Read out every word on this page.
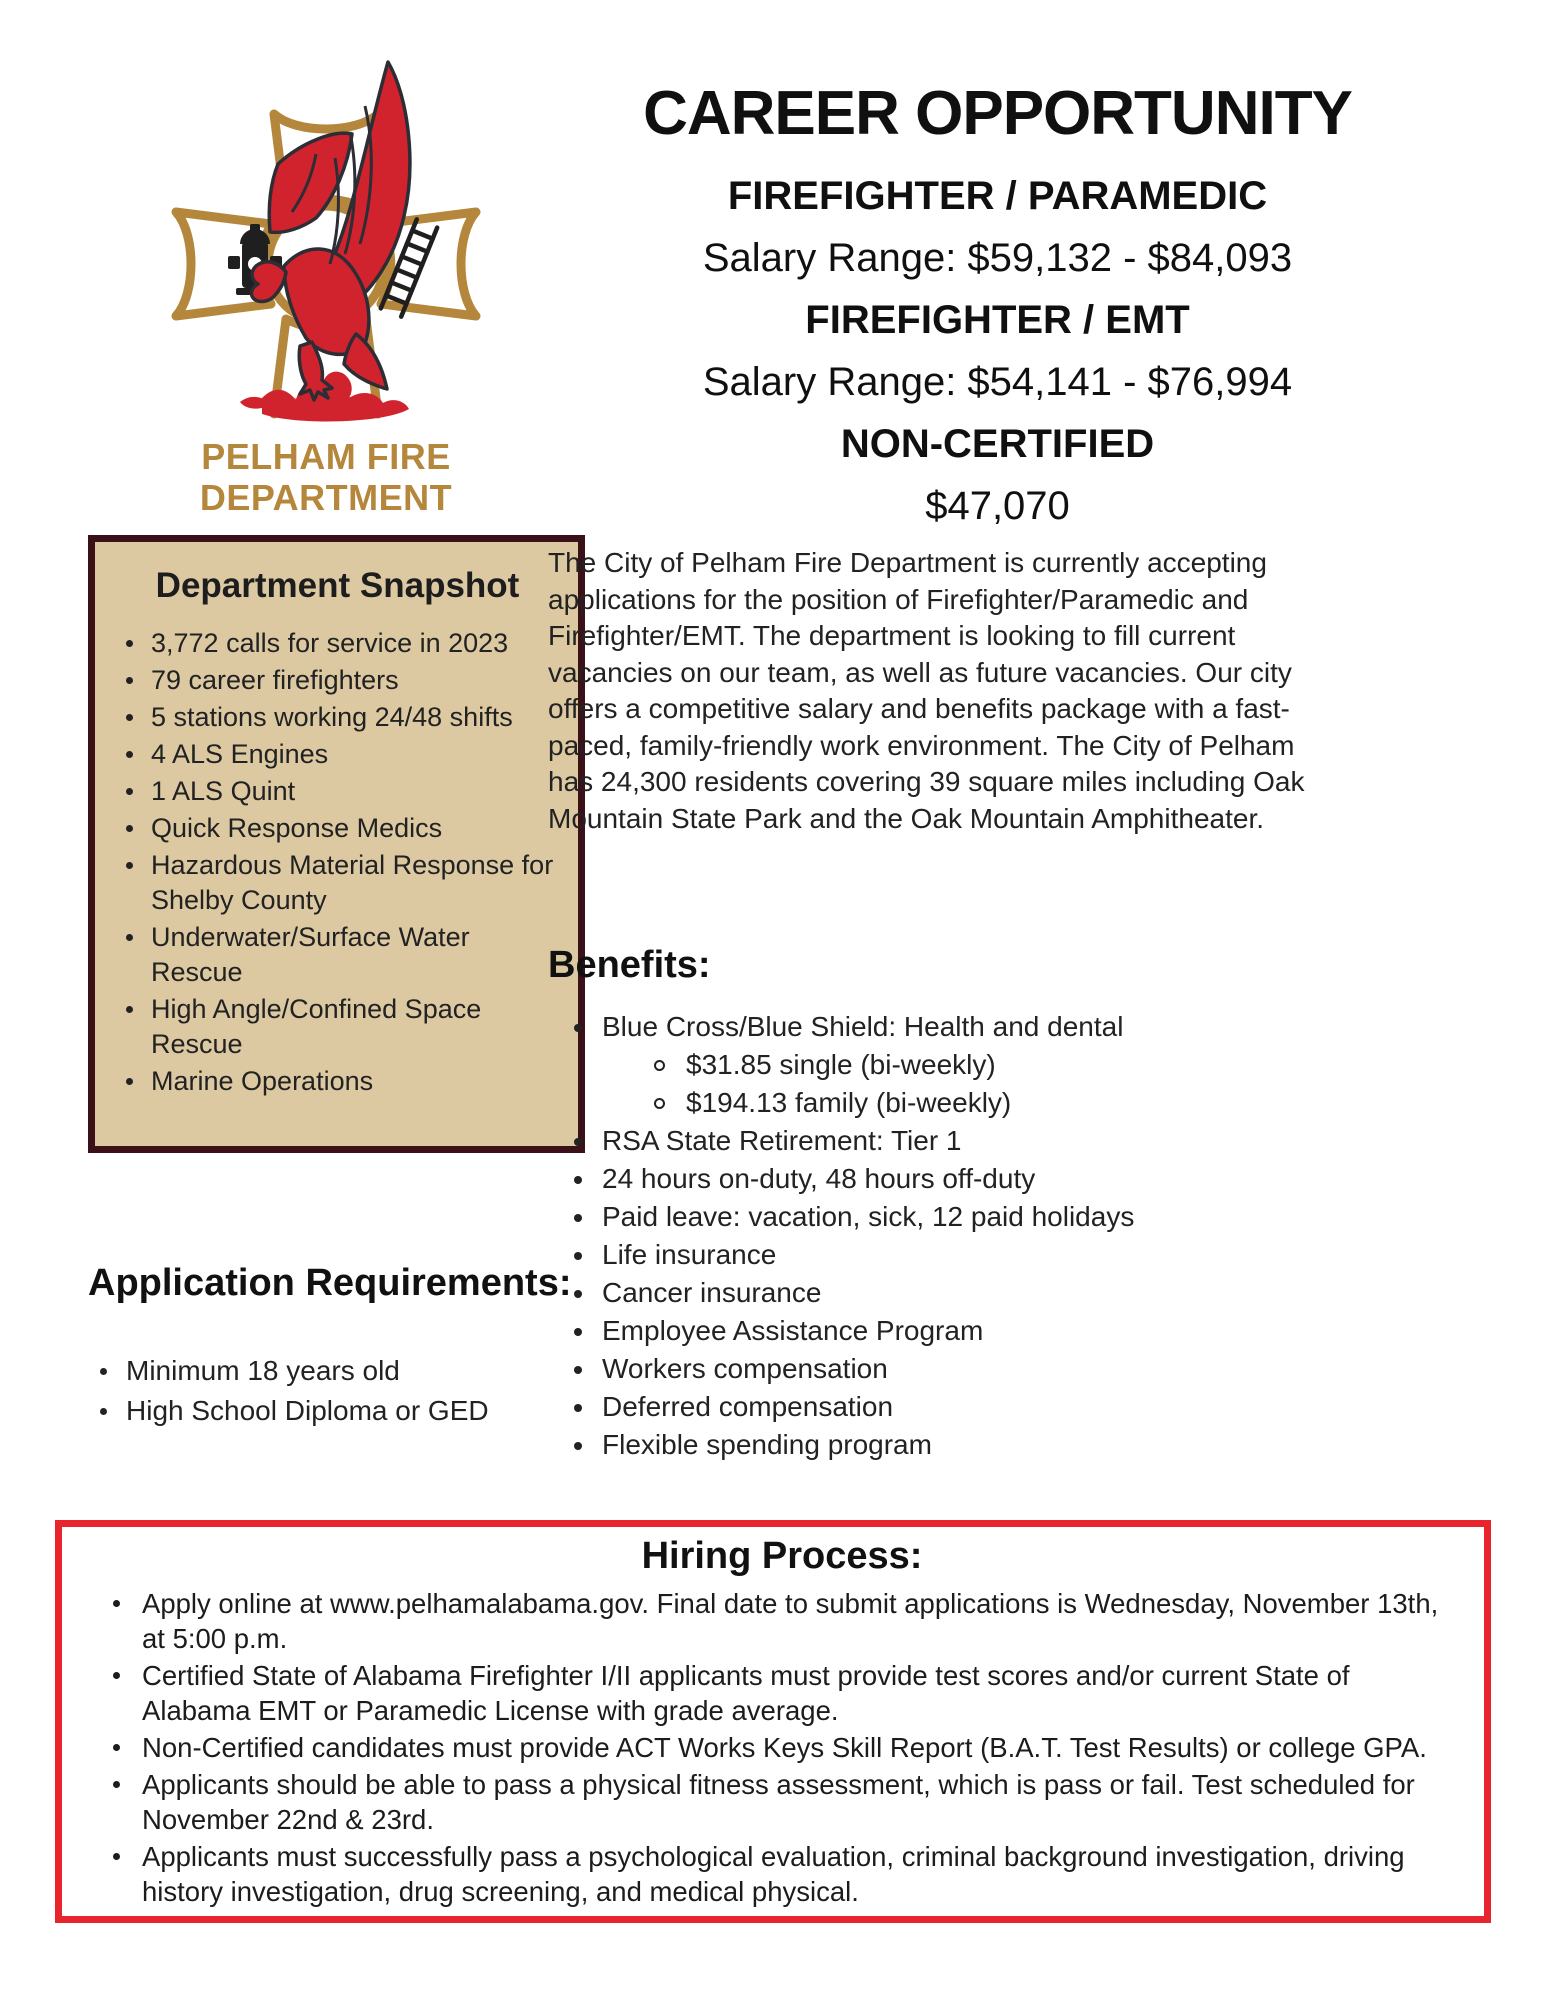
PELHAM FIRE
DEPARTMENT
CAREER OPPORTUNITY
FIREFIGHTER / PARAMEDIC
Salary Range: $59,132 - $84,093
FIREFIGHTER / EMT
Salary Range: $54,141 - $76,994
NON-CERTIFIED
$47,070
Department Snapshot
3,772 calls for service in 2023
79 career firefighters
5 stations working 24/48 shifts
4 ALS Engines
1 ALS Quint
Quick Response Medics
Hazardous Material Response for Shelby County
Underwater/Surface Water Rescue
High Angle/Confined Space Rescue
Marine Operations

The City of Pelham Fire Department is currently accepting applications for the position of Firefighter/Paramedic and Firefighter/EMT. The department is looking to fill current vacancies on our team, as well as future vacancies. Our city offers a competitive salary and benefits package with a fast-paced, family-friendly work environment. The City of Pelham has 24,300 residents covering 39 square miles including Oak Mountain State Park and the Oak Mountain Amphitheater.

Benefits:
Blue Cross/Blue Shield: Health and dental
$31.85 single (bi-weekly)
$194.13 family (bi-weekly)
RSA State Retirement: Tier 1
24 hours on-duty, 48 hours off-duty
Paid leave: vacation, sick, 12 paid holidays
Life insurance
Cancer insurance
Employee Assistance Program
Workers compensation
Deferred compensation
Flexible spending program
Application Requirements:
Minimum 18 years old
High School Diploma or GED
Hiring Process:
Apply online at www.pelhamalabama.gov. Final date to submit applications is Wednesday, November 13th, at 5:00 p.m.
Certified State of Alabama Firefighter I/II applicants must provide test scores and/or current State of Alabama EMT or Paramedic License with grade average.
Non-Certified candidates must provide ACT Works Keys Skill Report (B.A.T. Test Results) or college GPA.
Applicants should be able to pass a physical fitness assessment, which is pass or fail. Test scheduled for November 22nd & 23rd.
Applicants must successfully pass a psychological evaluation, criminal background investigation, driving history investigation, drug screening, and medical physical.
